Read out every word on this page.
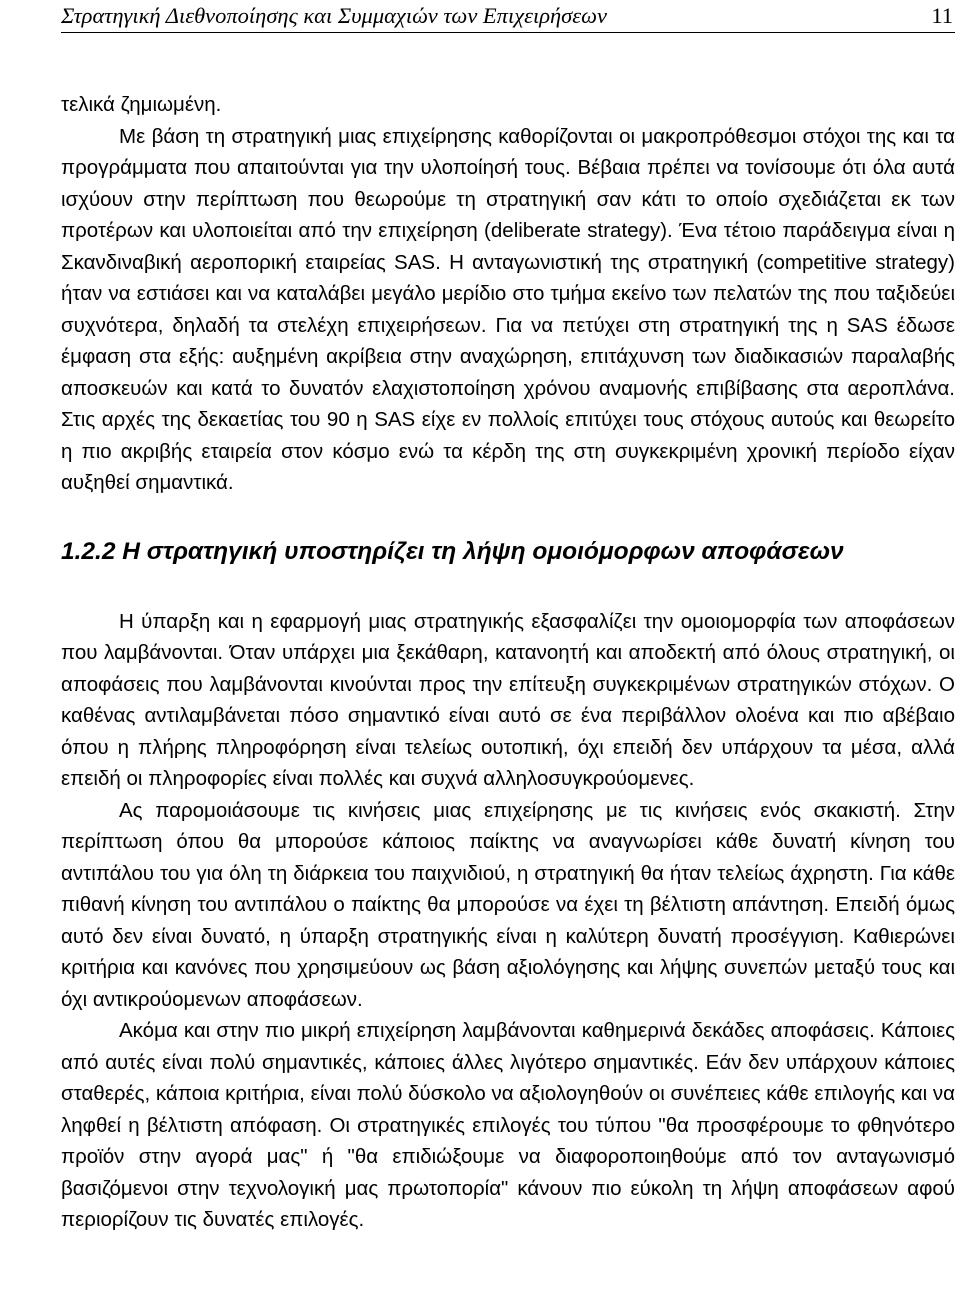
Στρατηγική Διεθνοποίησης και Συμμαχιών των Επιχειρήσεων	11

τελικά ζημιωμένη.

Με βάση τη στρατηγική μιας επιχείρησης καθορίζονται οι μακροπρόθεσμοι στόχοι της και τα προγράμματα που απαιτούνται για την υλοποίησή τους. Βέβαια πρέπει να τονίσουμε ότι όλα αυτά ισχύουν στην περίπτωση που θεωρούμε τη στρατηγική σαν κάτι το οποίο σχεδιάζεται εκ των προτέρων και υλοποιείται από την επιχείρηση (deliberate strategy). Ένα τέτοιο παράδειγμα είναι η Σκανδιναβική αεροπορική εταιρείας SAS. Η ανταγωνιστική της στρατηγική (competitive strategy) ήταν να εστιάσει και να καταλάβει μεγάλο μερίδιο στο τμήμα εκείνο των πελατών της που ταξιδεύει συχνότερα, δηλαδή τα στελέχη επιχειρήσεων. Για να πετύχει στη στρατηγική της η SAS έδωσε έμφαση στα εξής: αυξημένη ακρίβεια στην αναχώρηση, επιτάχυνση των διαδικασιών παραλαβής αποσκευών και κατά το δυνατόν ελαχιστοποίηση χρόνου αναμονής επιβίβασης στα αεροπλάνα. Στις αρχές της δεκαετίας του 90 η SAS είχε εν πολλοίς επιτύχει τους στόχους αυτούς και θεωρείτο η πιο ακριβής εταιρεία στον κόσμο ενώ τα κέρδη της στη συγκεκριμένη χρονική περίοδο είχαν αυξηθεί σημαντικά.

1.2.2 Η στρατηγική υποστηρίζει τη λήψη ομοιόμορφων αποφάσεων

Η ύπαρξη και η εφαρμογή μιας στρατηγικής εξασφαλίζει την ομοιομορφία των αποφάσεων που λαμβάνονται. Όταν υπάρχει μια ξεκάθαρη, κατανοητή και αποδεκτή από όλους στρατηγική, οι αποφάσεις που λαμβάνονται κινούνται προς την επίτευξη συγκεκριμένων στρατηγικών στόχων. Ο καθένας αντιλαμβάνεται πόσο σημαντικό είναι αυτό σε ένα περιβάλλον ολοένα και πιο αβέβαιο όπου η πλήρης πληροφόρηση είναι τελείως ουτοπική, όχι επειδή δεν υπάρχουν τα μέσα, αλλά επειδή οι πληροφορίες είναι πολλές και συχνά αλληλοσυγκρούομενες.

Ας παρομοιάσουμε τις κινήσεις μιας επιχείρησης με τις κινήσεις ενός σκακιστή. Στην περίπτωση όπου θα μπορούσε κάποιος παίκτης να αναγνωρίσει κάθε δυνατή κίνηση του αντιπάλου του για όλη τη διάρκεια του παιχνιδιού, η στρατηγική θα ήταν τελείως άχρηστη. Για κάθε πιθανή κίνηση του αντιπάλου ο παίκτης θα μπορούσε να έχει τη βέλτιστη απάντηση. Επειδή όμως αυτό δεν είναι δυνατό, η ύπαρξη στρατηγικής είναι η καλύτερη δυνατή προσέγγιση. Καθιερώνει κριτήρια και κανόνες που χρησιμεύουν ως βάση αξιολόγησης και λήψης συνεπών μεταξύ τους και όχι αντικρούομενων αποφάσεων.

Ακόμα και στην πιο μικρή επιχείρηση λαμβάνονται καθημερινά δεκάδες αποφάσεις. Κάποιες από αυτές είναι πολύ σημαντικές, κάποιες άλλες λιγότερο σημαντικές. Εάν δεν υπάρχουν κάποιες σταθερές, κάποια κριτήρια, είναι πολύ δύσκολο να αξιολογηθούν οι συνέπειες κάθε επιλογής και να ληφθεί η βέλτιστη απόφαση. Οι στρατηγικές επιλογές του τύπου "θα προσφέρουμε το φθηνότερο προϊόν στην αγορά μας" ή "θα επιδιώξουμε να διαφοροποιηθούμε από τον ανταγωνισμό βασιζόμενοι στην τεχνολογική μας πρωτοπορία" κάνουν πιο εύκολη τη λήψη αποφάσεων αφού περιορίζουν τις δυνατές επιλογές.
